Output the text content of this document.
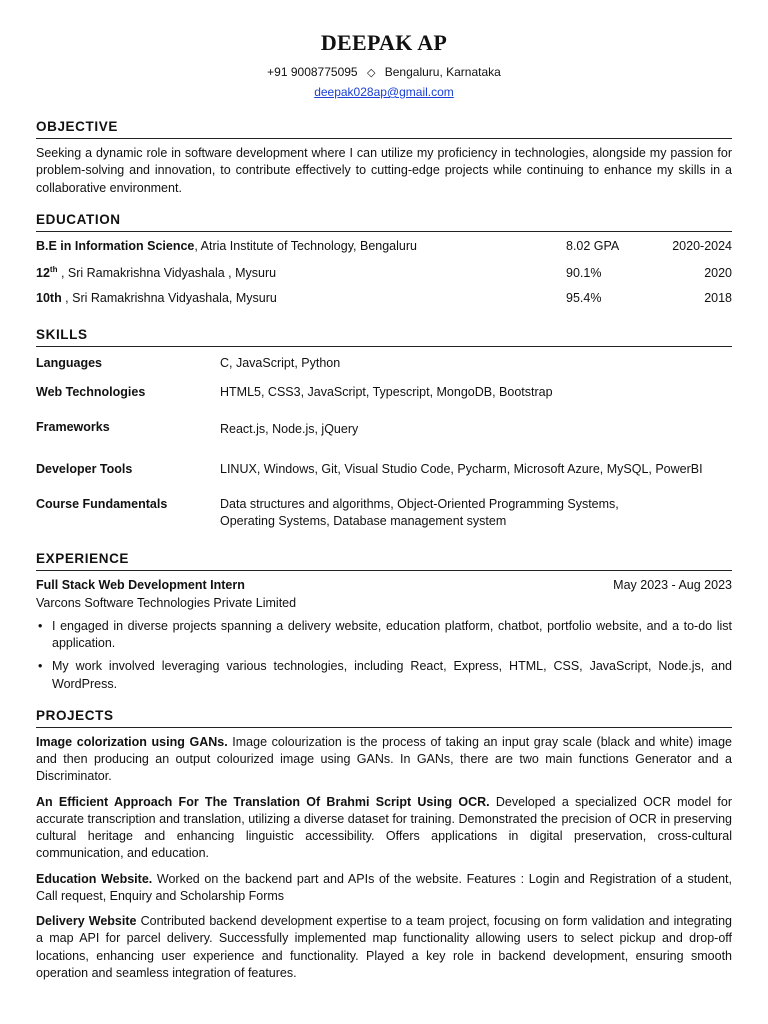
DEEPAK AP
+91 9008775095 ◇ Bengaluru, Karnataka
deepak028ap@gmail.com
OBJECTIVE

Seeking a dynamic role in software development where I can utilize my proficiency in technologies, alongside my passion for problem-solving and innovation, to contribute effectively to cutting-edge projects while continuing to enhance my skills in a collaborative environment.

EDUCATION
B.E in Information Science, Atria Institute of Technology, Bengaluru	8.02 GPA	2020-2024
12th , Sri Ramakrishna Vidyashala , Mysuru	90.1%	2020
10th , Sri Ramakrishna Vidyashala, Mysuru	95.4%	2018
SKILLS
Languages	C, JavaScript, Python
Web Technologies	HTML5, CSS3, JavaScript, Typescript, MongoDB, Bootstrap
Frameworks	React.js, Node.js, jQuery
Developer Tools	LINUX, Windows, Git, Visual Studio Code, Pycharm, Microsoft Azure, MySQL, PowerBI
Course Fundamentals	Data structures and algorithms, Object-Oriented Programming Systems,
Operating Systems, Database management system
EXPERIENCE
Full Stack Web Development Intern	May 2023 - Aug 2023
Varcons Software Technologies Private Limited
• I engaged in diverse projects spanning a delivery website, education platform, chatbot, portfolio website, and a to-do list application.
• My work involved leveraging various technologies, including React, Express, HTML, CSS, JavaScript, Node.js, and WordPress.
PROJECTS

Image colorization using GANs. Image colourization is the process of taking an input gray scale (black and white) image and then producing an output colourized image using GANs. In GANs, there are two main functions Generator and a Discriminator.

An Efficient Approach For The Translation Of Brahmi Script Using OCR. Developed a specialized OCR model for accurate transcription and translation, utilizing a diverse dataset for training. Demonstrated the precision of OCR in preserving cultural heritage and enhancing linguistic accessibility. Offers applications in digital preservation, cross-cultural communication, and education.

Education Website. Worked on the backend part and APIs of the website. Features : Login and Registration of a student, Call request, Enquiry and Scholarship Forms

Delivery Website Contributed backend development expertise to a team project, focusing on form validation and integrating a map API for parcel delivery. Successfully implemented map functionality allowing users to select pickup and drop-off locations, enhancing user experience and functionality. Played a key role in backend development, ensuring smooth operation and seamless integration of features.
